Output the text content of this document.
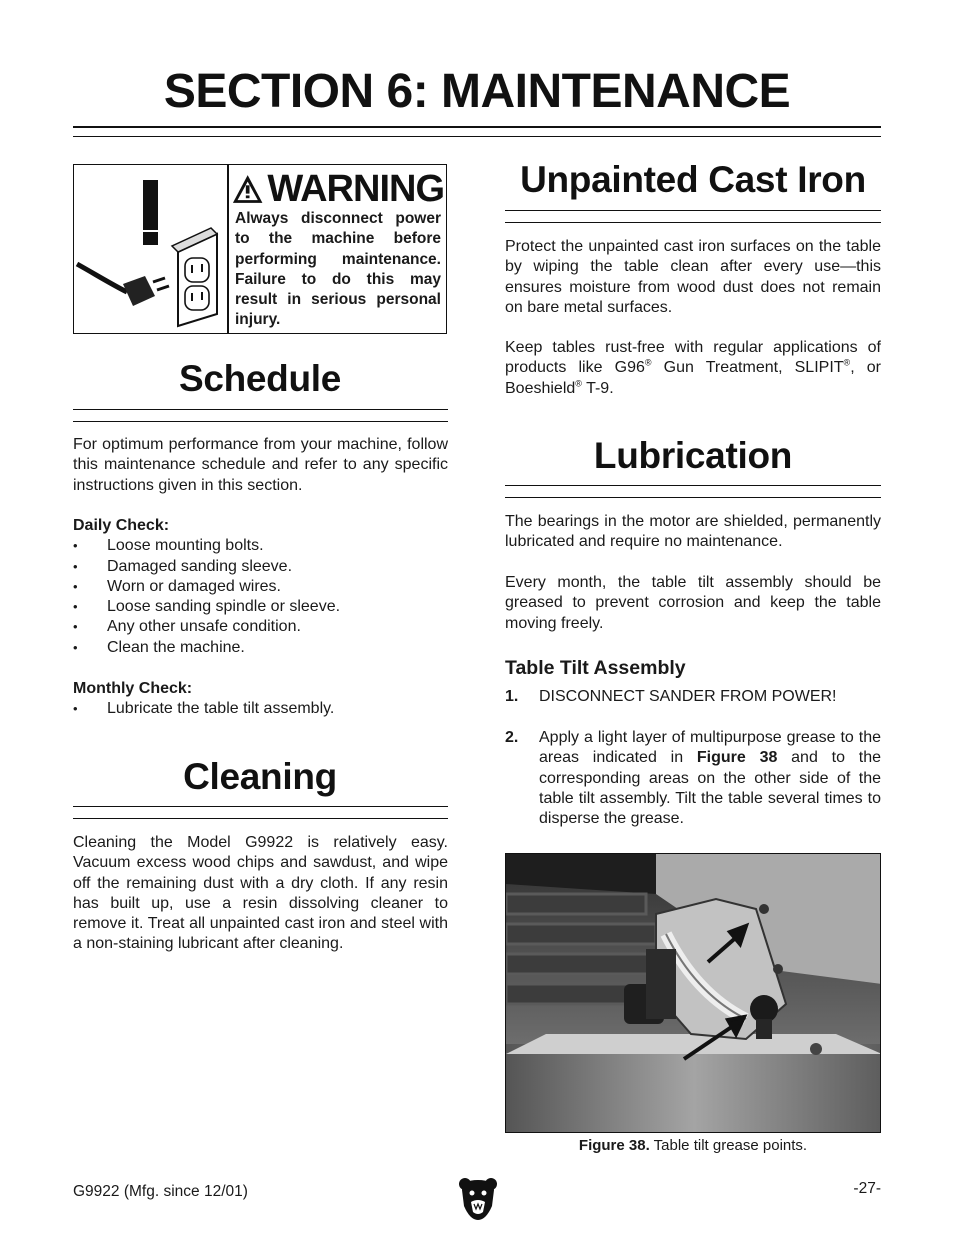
SECTION 6: MAINTENANCE
WARNING
Always disconnect power to the machine before performing maintenance. Failure to do this may result in serious personal injury.
Schedule
For optimum performance from your machine, follow this maintenance schedule and refer to any specific instructions given in this section.
Daily Check:
•	Loose mounting bolts.
•	Damaged sanding sleeve.
•	Worn or damaged wires.
•	Loose sanding spindle or sleeve.
•	Any other unsafe condition.
•	Clean the machine.
Monthly Check:
•	Lubricate the table tilt assembly.
Cleaning
Cleaning the Model G9922 is relatively easy. Vacuum excess wood chips and sawdust, and wipe off the remaining dust with a dry cloth. If any resin has built up, use a resin dissolving cleaner to remove it. Treat all unpainted cast iron and steel with a non-staining lubricant after cleaning.
Unpainted Cast Iron
Protect the unpainted cast iron surfaces on the table by wiping the table clean after every use—this ensures moisture from wood dust does not remain on bare metal surfaces.
Keep tables rust-free with regular applications of products like G96® Gun Treatment, SLIPIT®, or Boeshield® T-9.
Lubrication
The bearings in the motor are shielded, permanently lubricated and require no maintenance.
Every month, the table tilt assembly should be greased to prevent corrosion and keep the table moving freely.
Table Tilt Assembly
1.	DISCONNECT SANDER FROM POWER!
2.	Apply a light layer of multipurpose grease to the areas indicated in Figure 38 and to the corresponding areas on the other side of the table tilt assembly. Tilt the table several times to disperse the grease.
Figure 38. Table tilt grease points.
G9922 (Mfg. since 12/01)	-27-
